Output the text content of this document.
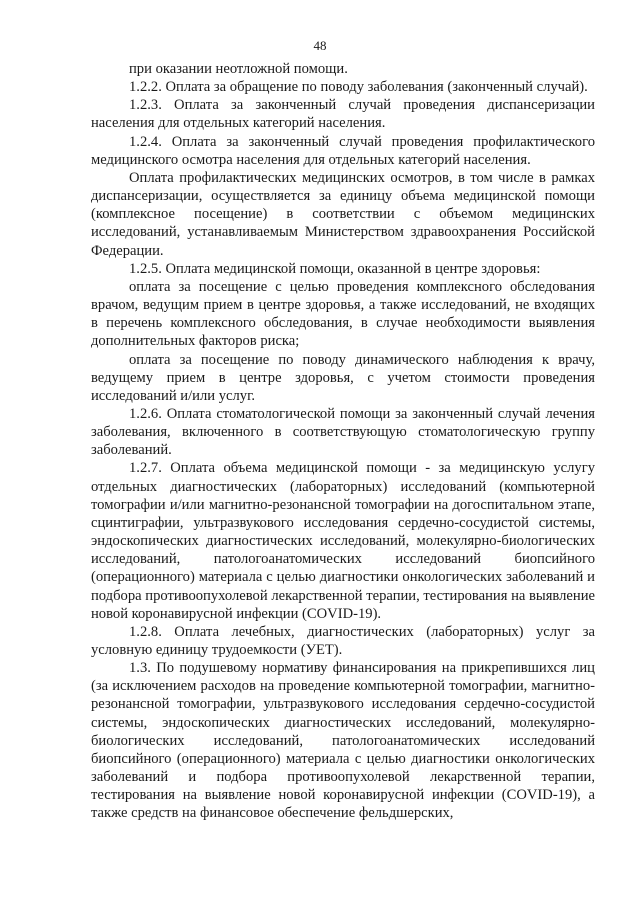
48

при оказании неотложной помощи.

1.2.2. Оплата за обращение по поводу заболевания (законченный случай).

1.2.3. Оплата за законченный случай проведения диспансеризации населения для отдельных категорий населения.

1.2.4. Оплата за законченный случай проведения профилактического медицинского осмотра населения для отдельных категорий населения.

Оплата профилактических медицинских осмотров, в том числе в рамках диспансеризации, осуществляется за единицу объема медицинской помощи (комплексное посещение) в соответствии с объемом медицинских исследований, устанавливаемым Министерством здравоохранения Российской Федерации.

1.2.5. Оплата медицинской помощи, оказанной в центре здоровья:

оплата за посещение с целью проведения комплексного обследования врачом, ведущим прием в центре здоровья, а также исследований, не входящих в перечень комплексного обследования, в случае необходимости выявления дополнительных факторов риска;

оплата за посещение по поводу динамического наблюдения к врачу, ведущему прием в центре здоровья, с учетом стоимости проведения исследований и/или услуг.

1.2.6. Оплата стоматологической помощи за законченный случай лечения заболевания, включенного в соответствующую стоматологическую группу заболеваний.

1.2.7. Оплата объема медицинской помощи - за медицинскую услугу отдельных диагностических (лабораторных) исследований (компьютерной томографии и/или магнитно-резонансной томографии на догоспитальном этапе, сцинтиграфии, ультразвукового исследования сердечно-сосудистой системы, эндоскопических диагностических исследований, молекулярно-биологических исследований, патологоанатомических исследований биопсийного (операционного) материала с целью диагностики онкологических заболеваний и подбора противоопухолевой лекарственной терапии, тестирования на выявление новой коронавирусной инфекции (COVID-19).

1.2.8. Оплата лечебных, диагностических (лабораторных) услуг за условную единицу трудоемкости (УЕТ).

1.3. По подушевому нормативу финансирования на прикрепившихся лиц (за исключением расходов на проведение компьютерной томографии, магнитно-резонансной томографии, ультразвукового исследования сердечно-сосудистой системы, эндоскопических диагностических исследований, молекулярно-биологических исследований, патологоанатомических исследований биопсийного (операционного) материала с целью диагностики онкологических заболеваний и подбора противоопухолевой лекарственной терапии, тестирования на выявление новой коронавирусной инфекции (COVID-19), а также средств на финансовое обеспечение фельдшерских,
